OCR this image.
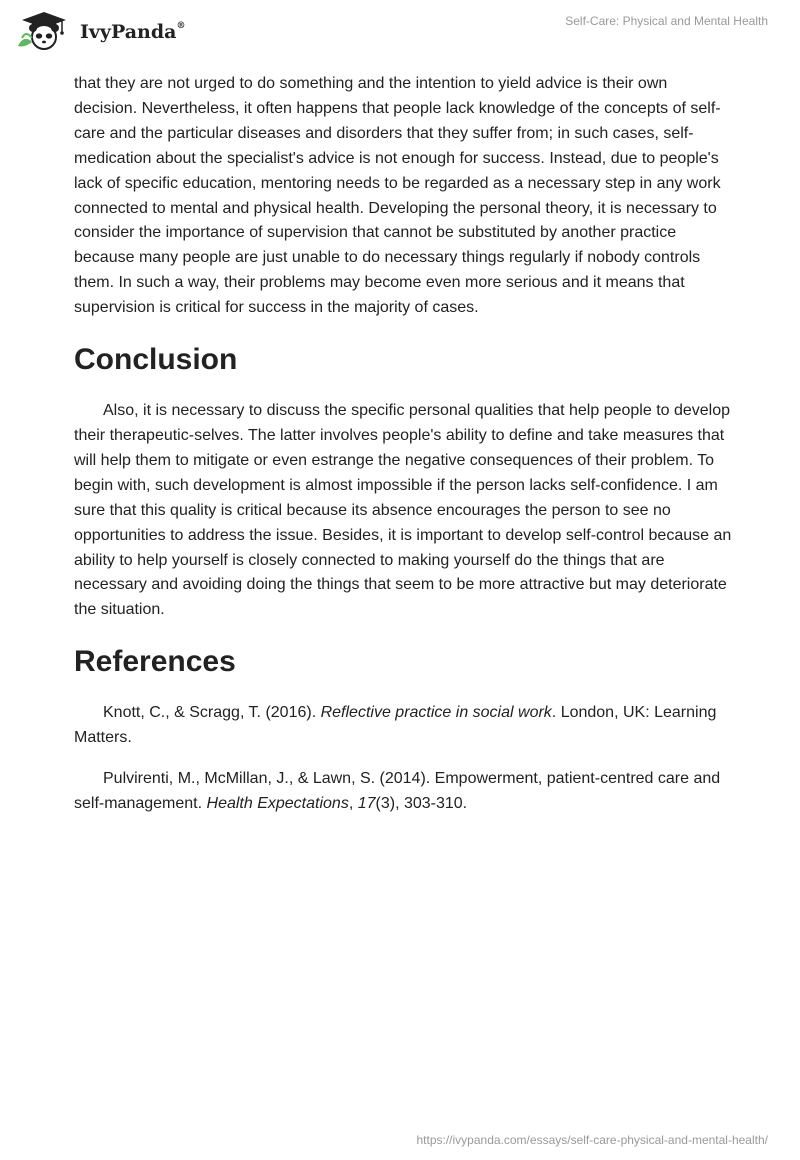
IvyPanda®	Self-Care: Physical and Mental Health

that they are not urged to do something and the intention to yield advice is their own decision. Nevertheless, it often happens that people lack knowledge of the concepts of self-care and the particular diseases and disorders that they suffer from; in such cases, self-medication about the specialist's advice is not enough for success. Instead, due to people's lack of specific education, mentoring needs to be regarded as a necessary step in any work connected to mental and physical health. Developing the personal theory, it is necessary to consider the importance of supervision that cannot be substituted by another practice because many people are just unable to do necessary things regularly if nobody controls them. In such a way, their problems may become even more serious and it means that supervision is critical for success in the majority of cases.

Conclusion

Also, it is necessary to discuss the specific personal qualities that help people to develop their therapeutic-selves. The latter involves people's ability to define and take measures that will help them to mitigate or even estrange the negative consequences of their problem. To begin with, such development is almost impossible if the person lacks self-confidence. I am sure that this quality is critical because its absence encourages the person to see no opportunities to address the issue. Besides, it is important to develop self-control because an ability to help yourself is closely connected to making yourself do the things that are necessary and avoiding doing the things that seem to be more attractive but may deteriorate the situation.

References

Knott, C., & Scragg, T. (2016). Reflective practice in social work. London, UK: Learning Matters.

Pulvirenti, M., McMillan, J., & Lawn, S. (2014). Empowerment, patient-centred care and self-management. Health Expectations, 17(3), 303-310.

https://ivypanda.com/essays/self-care-physical-and-mental-health/
